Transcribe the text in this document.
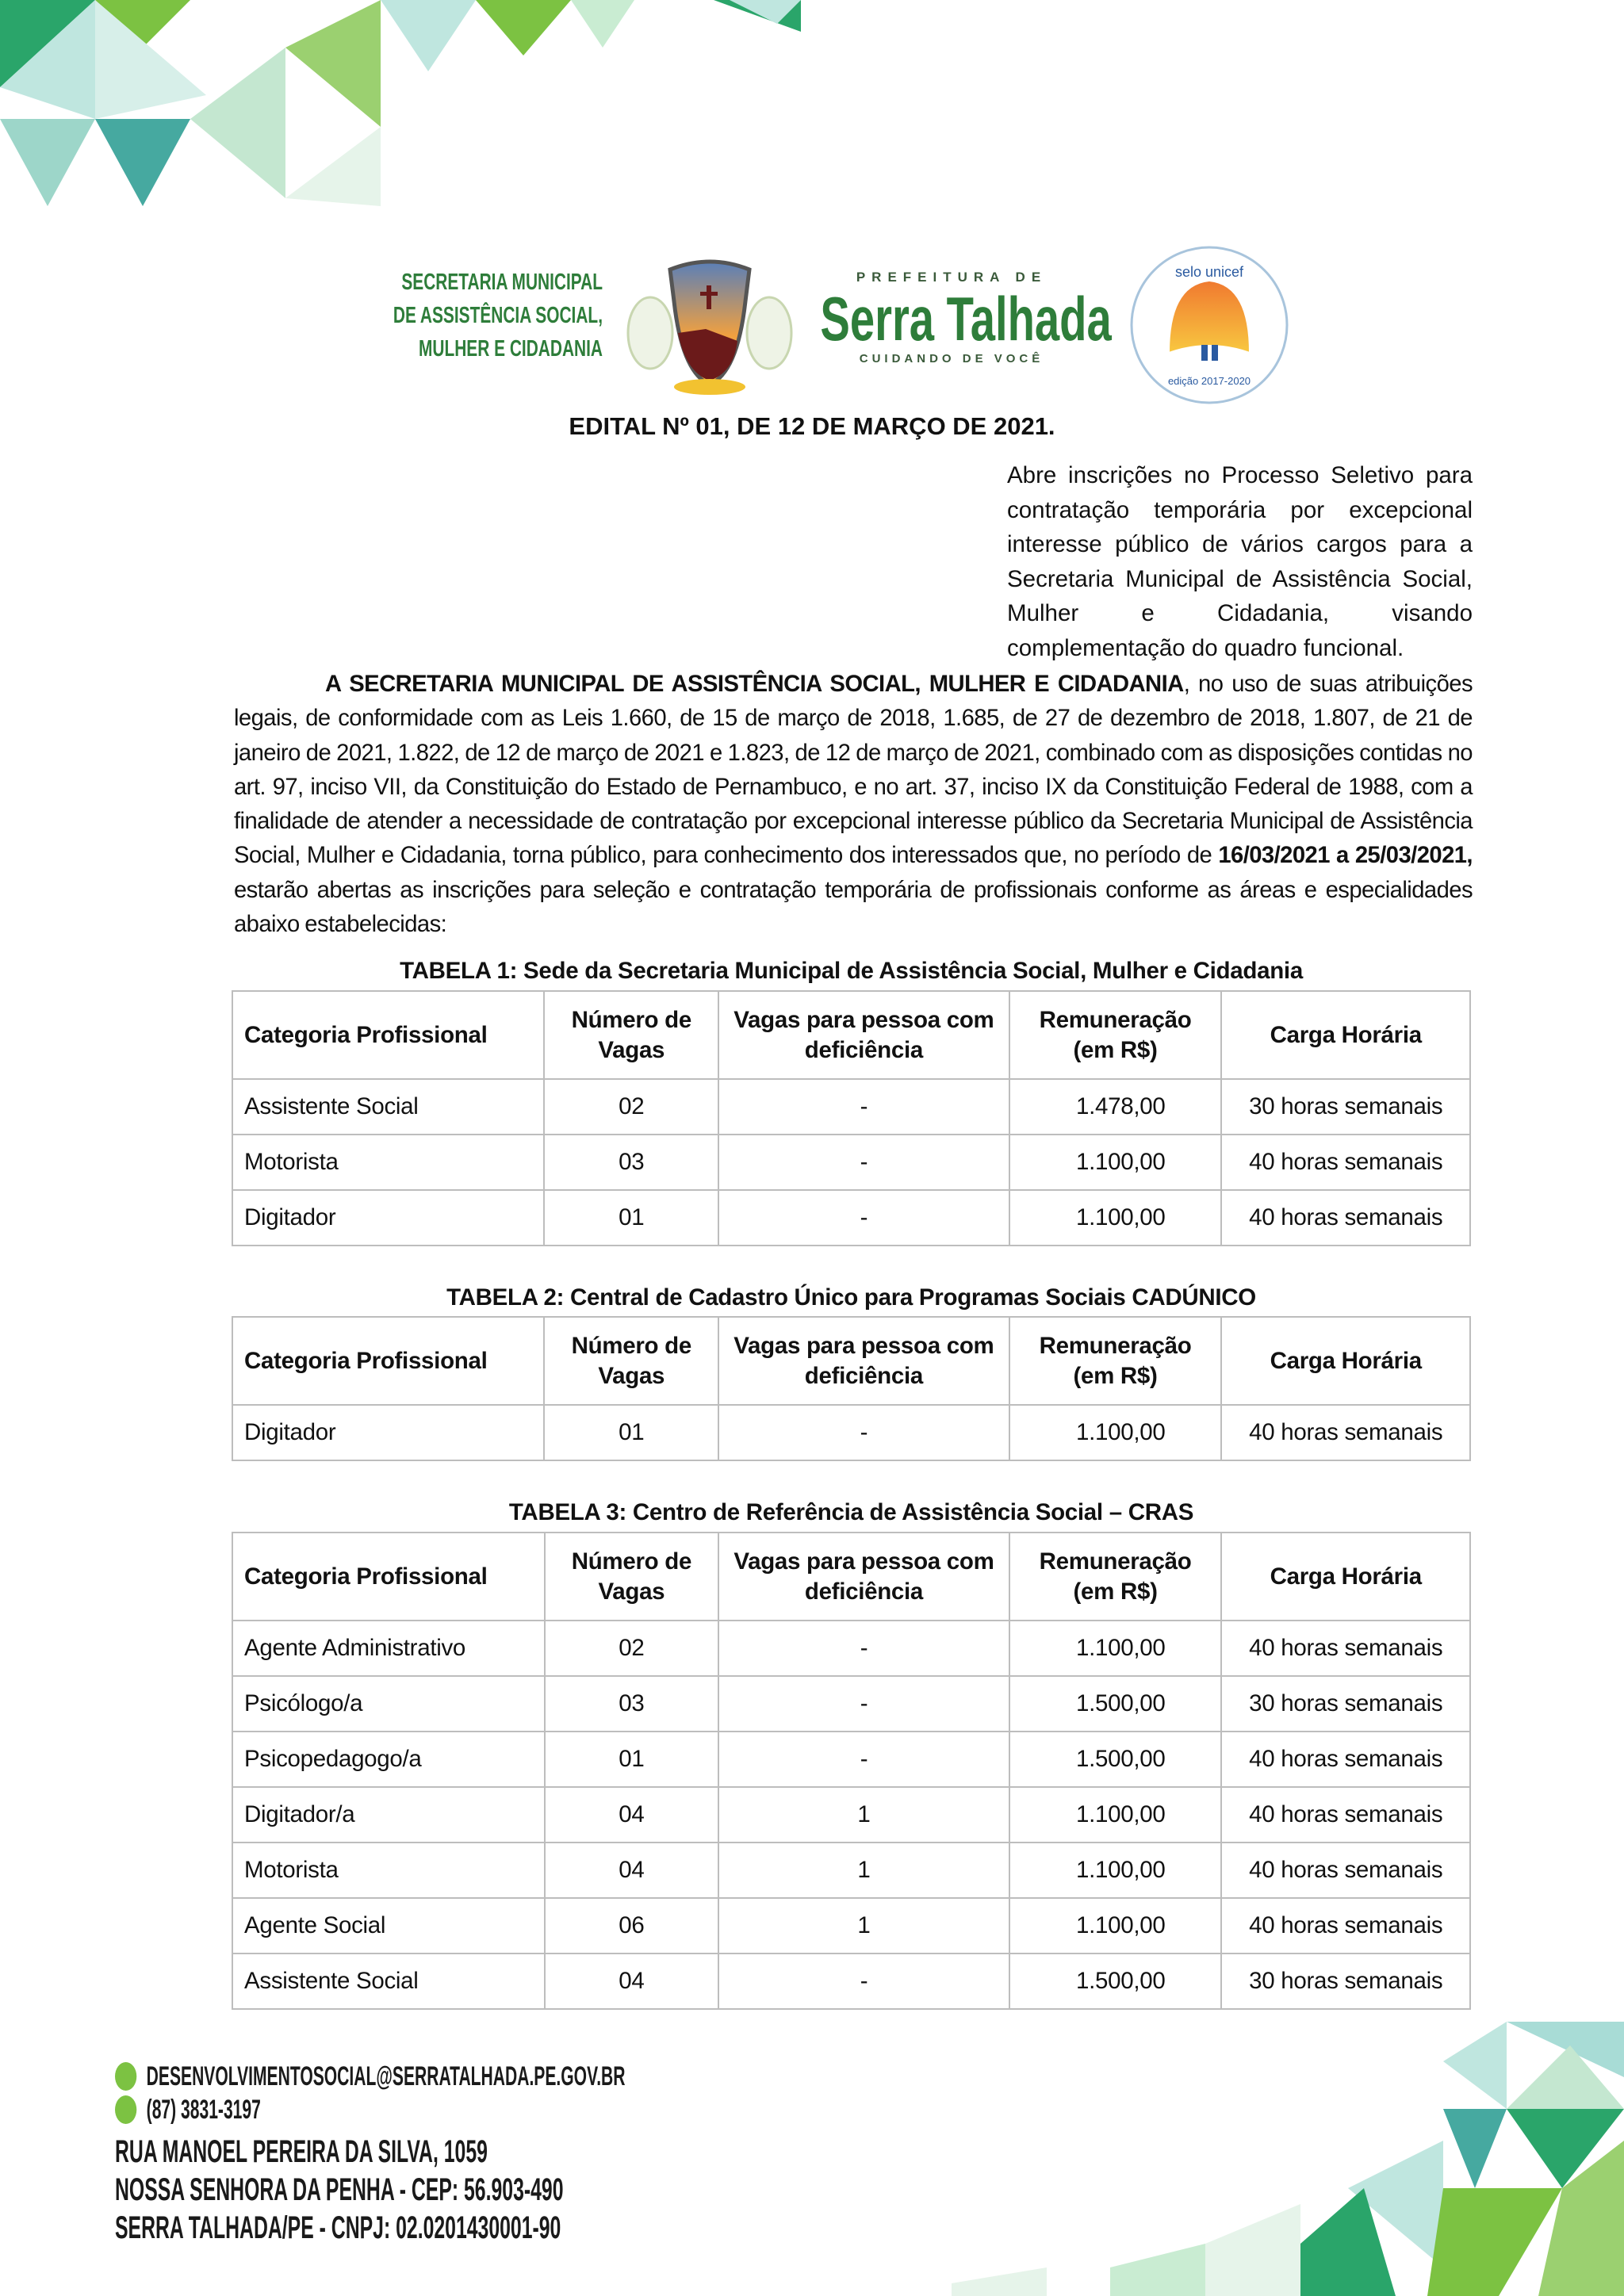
SECRETARIA MUNICIPAL
DE ASSISTÊNCIA SOCIAL,
MULHER E CIDADANIA
PREFEITURA DE
Serra Talhada
CUIDANDO DE VOCÊ
selo unicef
edição 2017-2020
EDITAL Nº 01, DE 12 DE MARÇO DE 2021.
Abre inscrições no Processo Seletivo para contratação temporária por excepcional interesse público de vários cargos para a Secretaria Municipal de Assistência Social, Mulher e Cidadania, visando complementação do quadro funcional.

A SECRETARIA MUNICIPAL DE ASSISTÊNCIA SOCIAL, MULHER E CIDADANIA, no uso de suas atribuições legais, de conformidade com as Leis 1.660, de 15 de março de 2018, 1.685, de 27 de dezembro de 2018, 1.807, de 21 de janeiro de 2021, 1.822, de 12 de março de 2021 e 1.823, de 12 de março de 2021, combinado com as disposições contidas no art. 97, inciso VII, da Constituição do Estado de Pernambuco, e no art. 37, inciso IX da Constituição Federal de 1988, com a finalidade de atender a necessidade de contratação por excepcional interesse público da Secretaria Municipal de Assistência Social, Mulher e Cidadania, torna público, para conhecimento dos interessados que, no período de 16/03/2021 a 25/03/2021, estarão abertas as inscrições para seleção e contratação temporária de profissionais conforme as áreas e especialidades abaixo estabelecidas:

TABELA 1: Sede da Secretaria Municipal de Assistência Social, Mulher e Cidadania
Categoria Profissional	Número de Vagas	Vagas para pessoa com deficiência	Remuneração (em R$)	Carga Horária
Assistente Social	02	-	1.478,00	30 horas semanais
Motorista	03	-	1.100,00	40 horas semanais
Digitador	01	-	1.100,00	40 horas semanais
TABELA 2: Central de Cadastro Único para Programas Sociais CADÚNICO
Categoria Profissional	Número de Vagas	Vagas para pessoa com deficiência	Remuneração (em R$)	Carga Horária
Digitador	01	-	1.100,00	40 horas semanais
TABELA 3: Centro de Referência de Assistência Social – CRAS
Categoria Profissional	Número de Vagas	Vagas para pessoa com deficiência	Remuneração (em R$)	Carga Horária
Agente Administrativo	02	-	1.100,00	40 horas semanais
Psicólogo/a	03	-	1.500,00	30 horas semanais
Psicopedagogo/a	01	-	1.500,00	40 horas semanais
Digitador/a	04	1	1.100,00	40 horas semanais
Motorista	04	1	1.100,00	40 horas semanais
Agente Social	06	1	1.100,00	40 horas semanais
Assistente Social	04	-	1.500,00	30 horas semanais
DESENVOLVIMENTOSOCIAL@SERRATALHADA.PE.GOV.BR
(87) 3831-3197
RUA MANOEL PEREIRA DA SILVA, 1059
NOSSA SENHORA DA PENHA - CEP: 56.903-490
SERRA TALHADA/PE - CNPJ: 02.0201430001-90
